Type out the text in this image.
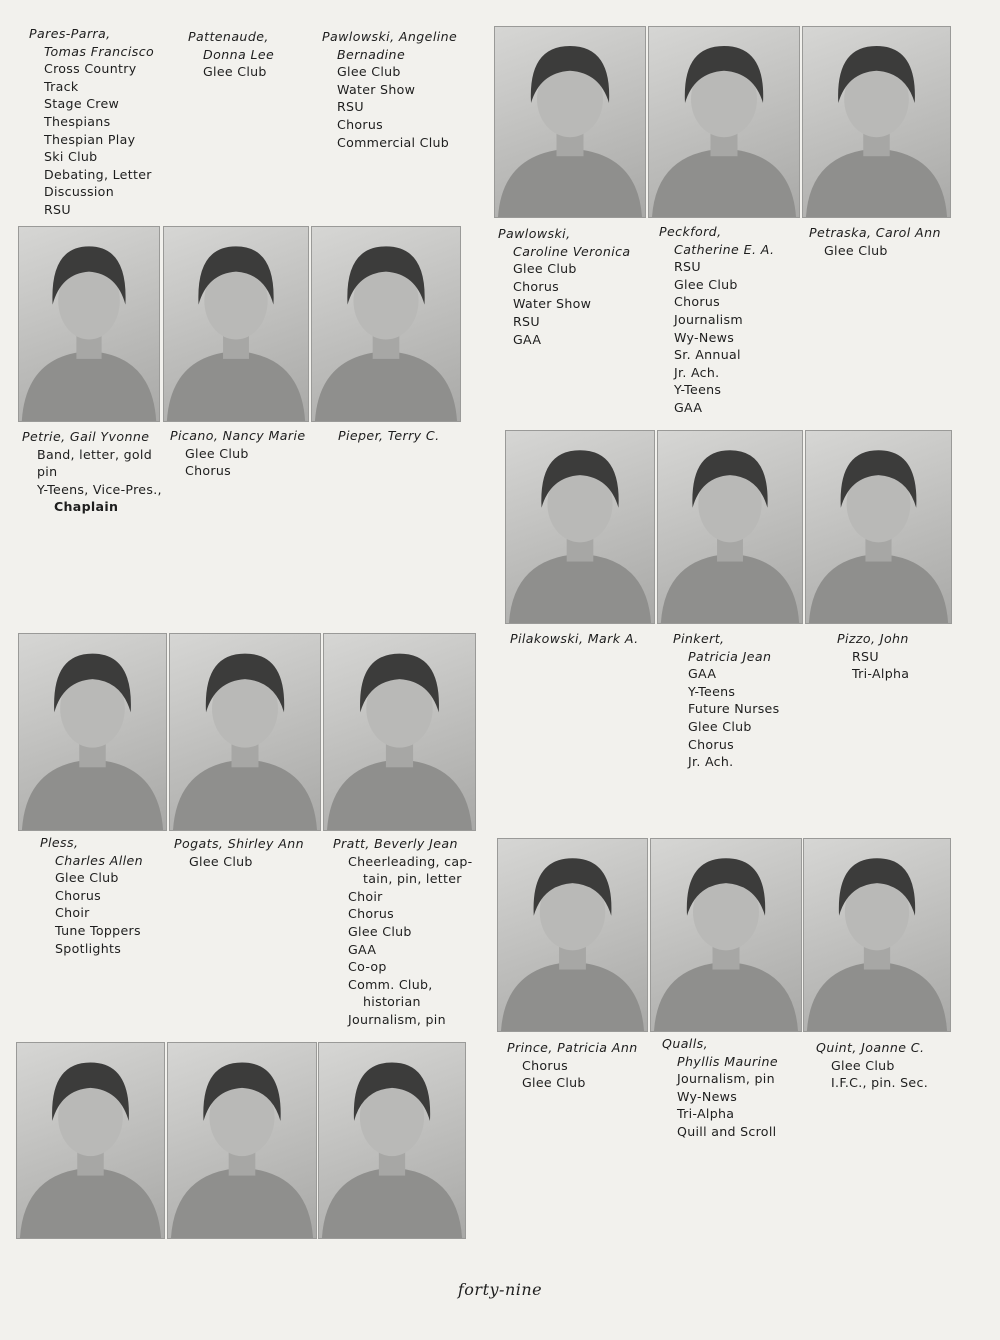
Pares-Parra,
Tomas Francisco
Cross Country
Track
Stage Crew
Thespians
Thespian Play
Ski Club
Debating, Letter
Discussion
RSU
Pattenaude,
Donna Lee
Glee Club
Pawlowski, Angeline
Bernadine
Glee Club
Water Show
RSU
Chorus
Commercial Club
Pawlowski,
Caroline Veronica
Glee Club
Chorus
Water Show
RSU
GAA
Peckford,
Catherine E. A.
RSU
Glee Club
Chorus
Journalism
Wy-News
Sr. Annual
Jr. Ach.
Y-Teens
GAA
Petraska, Carol Ann
Glee Club
Petrie, Gail Yvonne
Band, letter, gold
pin
Y-Teens, Vice-Pres.,
Chaplain
Picano, Nancy Marie
Glee Club
Chorus
Pieper, Terry C.
Pilakowski, Mark A.	Pinkert,
Patricia Jean
GAA
Y-Teens
Future Nurses
Glee Club
Chorus
Jr. Ach.
Pizzo, John
RSU
Tri-Alpha
Pless,
Charles Allen
Glee Club
Chorus
Choir
Tune Toppers
Spotlights
Pogats, Shirley Ann
Glee Club
Pratt, Beverly Jean
Cheerleading, cap-
tain, pin, letter
Choir
Chorus
Glee Club
GAA
Co-op
Comm. Club,
historian
Journalism, pin
Prince, Patricia Ann
Chorus
Glee Club
Qualls,
Phyllis Maurine
Journalism, pin
Wy-News
Tri-Alpha
Quill and Scroll
Quint, Joanne C.
Glee Club
I.F.C., pin. Sec.
forty-nine
